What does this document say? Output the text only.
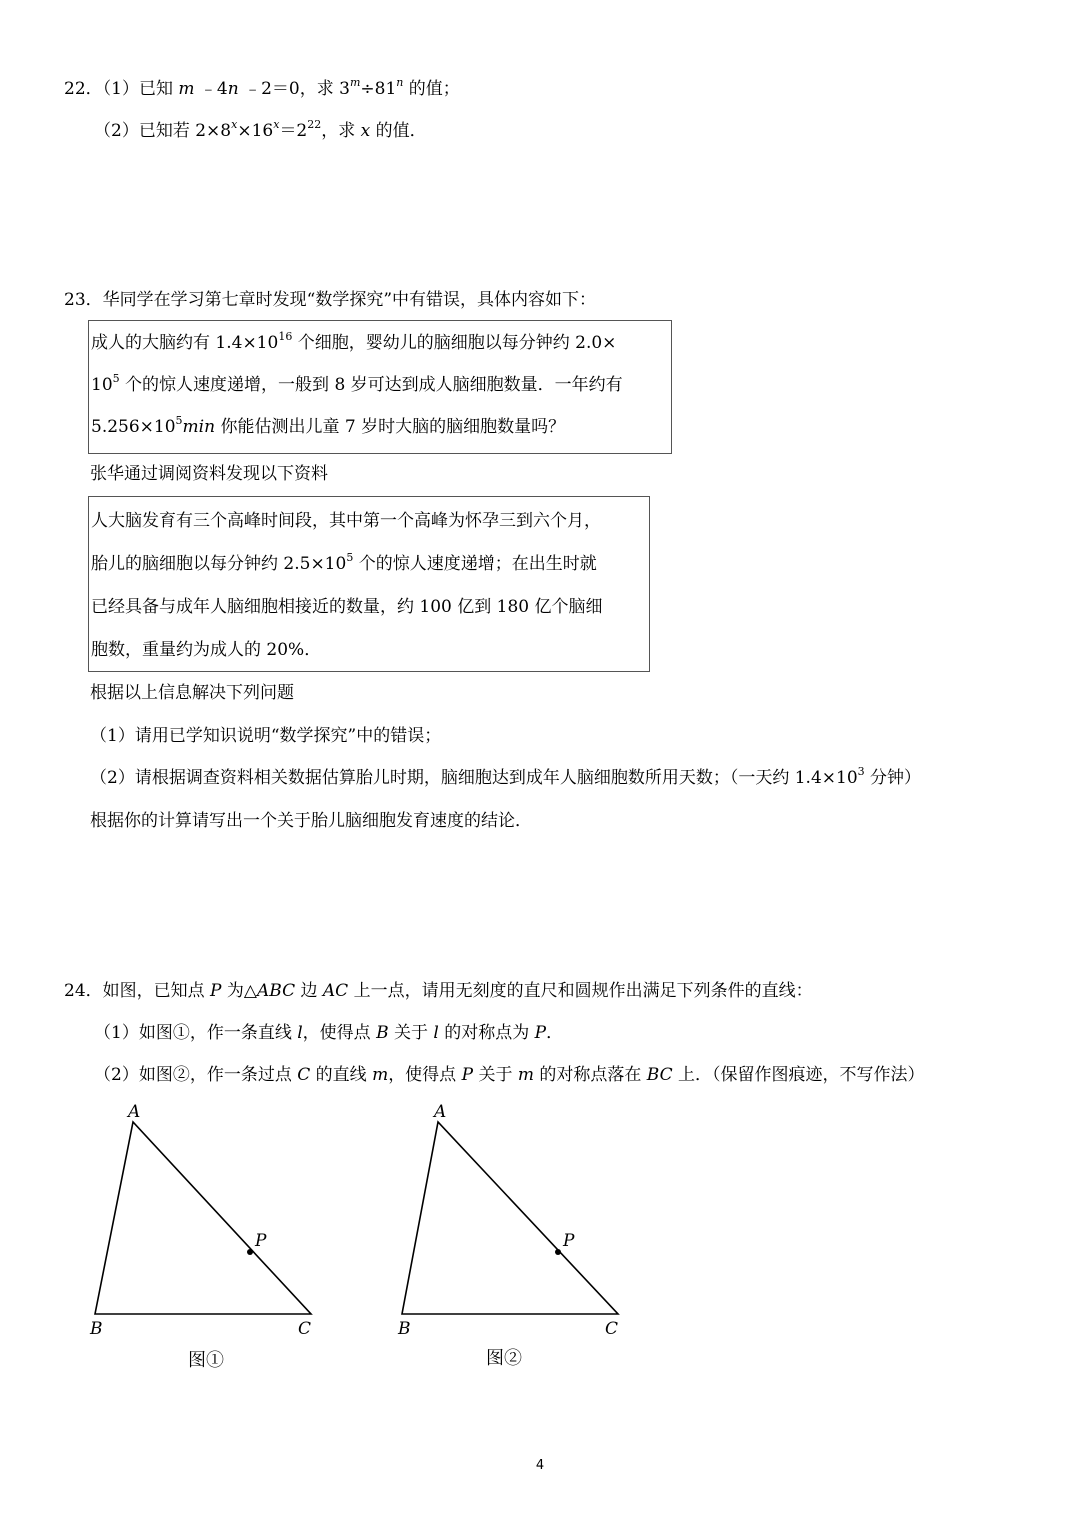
22．（1）已知 m ﹣4n ﹣2＝0，求 $3^m\div 81^n$ 的值；
（2）已知若 $2\times 8^x\times 16^x=2^{22}$，求 x 的值．
23．华同学在学习第七章时发现“数学探究”中有错误，具体内容如下：
成人的大脑约有 $1.4\times 10^{16}$ 个细胞，婴幼儿的脑细胞以每分钟约 2.0×
$10^5$ 个的惊人速度递增，一般到 8 岁可达到成人脑细胞数量．一年约有
$5.256\times 10^5\min$ 你能估测出儿童 7 岁时大脑的脑细胞数量吗？
张华通过调阅资料发现以下资料
人大脑发育有三个高峰时间段，其中第一个高峰为怀孕三到六个月，
胎儿的脑细胞以每分钟约 $2.5\times 10^5$ 个的惊人速度递增；在出生时就
已经具备与成年人脑细胞相接近的数量，约 100 亿到 180 亿个脑细
胞数，重量约为成人的 20%．
根据以上信息解决下列问题
（1）请用已学知识说明“数学探究”中的错误；
（2）请根据调查资料相关数据估算胎儿时期，脑细胞达到成年人脑细胞数所用天数；（一天约 $1.4\times 10^3$ 分钟）
根据你的计算请写出一个关于胎儿脑细胞发育速度的结论．
24．如图，已知点 P 为△ABC 边 AC 上一点，请用无刻度的直尺和圆规作出满足下列条件的直线：
（1）如图①，作一条直线 l，使得点 B 关于 l 的对称点为 P．
（2）如图②，作一条过点 C 的直线 m，使得点 P 关于 m 的对称点落在 BC 上．（保留作图痕迹，不写作法）
A
B	C
P
图①
A
B	C
P
图②
4
